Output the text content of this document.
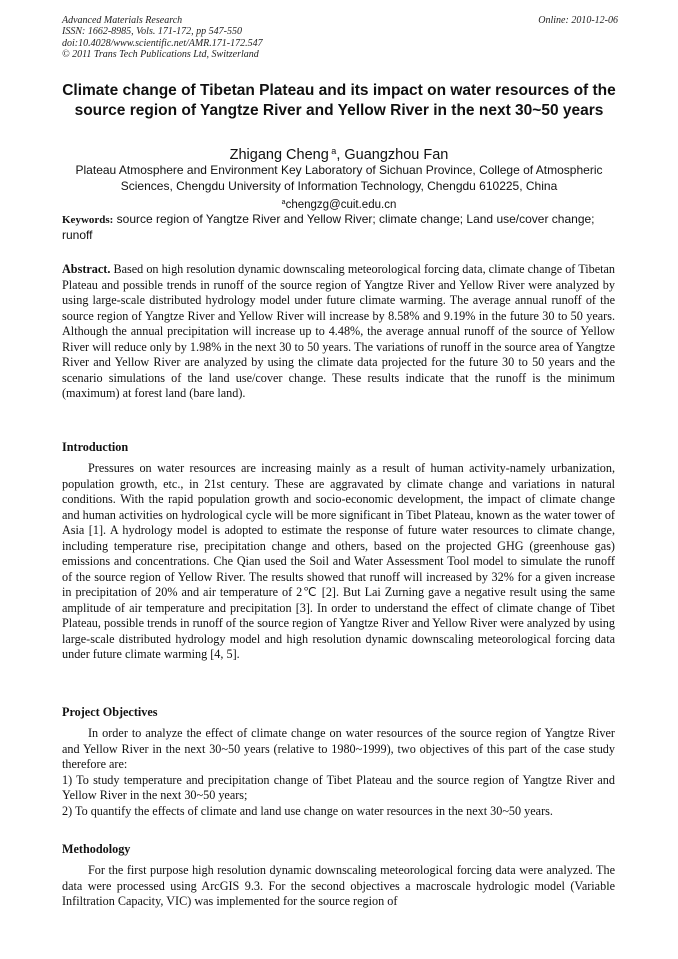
Advanced Materials Research
ISSN: 1662-8985, Vols. 171-172, pp 547-550
doi:10.4028/www.scientific.net/AMR.171-172.547
© 2011 Trans Tech Publications Ltd, Switzerland
Online: 2010-12-06
Climate change of Tibetan Plateau and its impact on water resources of the source region of Yangtze River and Yellow River in the next 30~50 years
Zhigang Cheng $^a$, Guangzhou Fan
Plateau Atmosphere and Environment Key Laboratory of Sichuan Province, College of Atmospheric Sciences, Chengdu University of Information Technology, Chengdu 610225, China
$^a$chengzg@cuit.edu.cn
Keywords: source region of Yangtze River and Yellow River; climate change; Land use/cover change; runoff

Abstract. Based on high resolution dynamic downscaling meteorological forcing data, climate change of Tibetan Plateau and possible trends in runoff of the source region of Yangtze River and Yellow River were analyzed by using large-scale distributed hydrology model under future climate warming. The average annual runoff of the source region of Yangtze River and Yellow River will increase by 8.58% and 9.19% in the future 30 to 50 years. Although the annual precipitation will increase up to 4.48%, the average annual runoff of the source of Yellow River will reduce only by 1.98% in the next 30 to 50 years. The variations of runoff in the source area of Yangtze River and Yellow River are analyzed by using the climate data projected for the future 30 to 50 years and the scenario simulations of the land use/cover change. These results indicate that the runoff is the minimum (maximum) at forest land (bare land).

Introduction

Pressures on water resources are increasing mainly as a result of human activity-namely urbanization, population growth, etc., in 21st century. These are aggravated by climate change and variations in natural conditions. With the rapid population growth and socio-economic development, the impact of climate change and human activities on hydrological cycle will be more significant in Tibet Plateau, known as the water tower of Asia [1]. A hydrology model is adopted to estimate the response of future water resources to climate change, including temperature rise, precipitation change and others, based on the projected GHG (greenhouse gas) emissions and concentrations. Che Qian used the Soil and Water Assessment Tool model to simulate the runoff of the source region of Yellow River. The results showed that runoff will increased by 32% for a given increase in precipitation of 20% and air temperature of 2℃ [2]. But Lai Zurning gave a negative result using the same amplitude of air temperature and precipitation [3]. In order to understand the effect of climate change of Tibet Plateau, possible trends in runoff of the source region of Yangtze River and Yellow River were analyzed by using large-scale distributed hydrology model and high resolution dynamic downscaling meteorological forcing data under future climate warming [4, 5].

Project Objectives

In order to analyze the effect of climate change on water resources of the source region of Yangtze River and Yellow River in the next 30~50 years (relative to 1980~1999), two objectives of this part of the case study therefore are:

1) To study temperature and precipitation change of Tibet Plateau and the source region of Yangtze River and Yellow River in the next 30~50 years;

2) To quantify the effects of climate and land use change on water resources in the next 30~50 years.

Methodology

For the first purpose high resolution dynamic downscaling meteorological forcing data were analyzed. The data were processed using ArcGIS 9.3. For the second objectives a macroscale hydrologic model (Variable Infiltration Capacity, VIC) was implemented for the source region of
